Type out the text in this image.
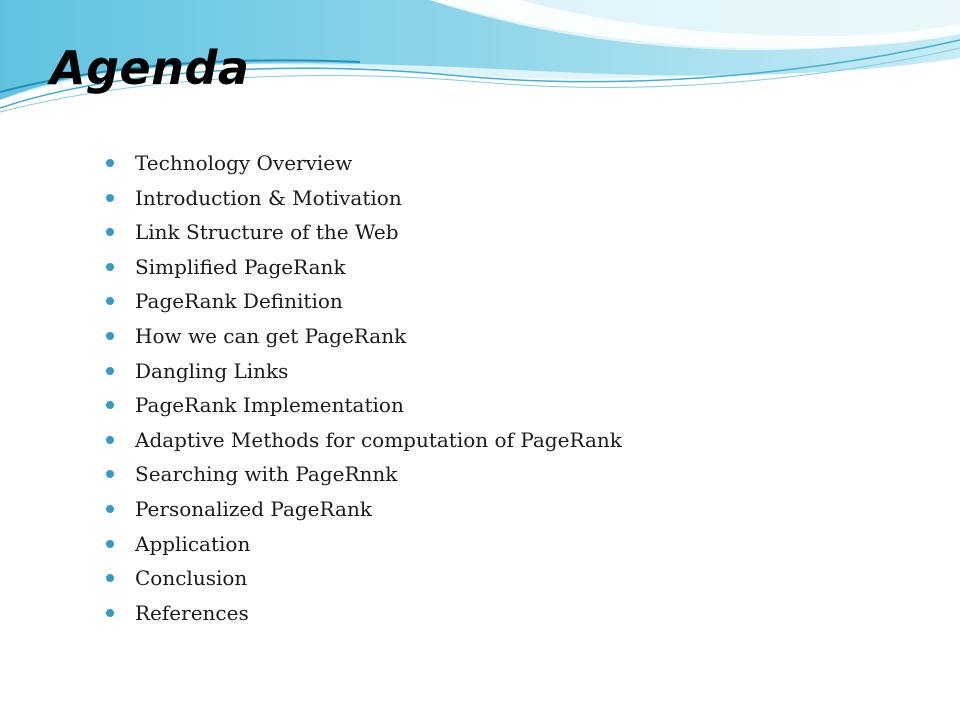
Agenda
Technology Overview
Introduction & Motivation
Link Structure of the Web
Simplified PageRank
PageRank Definition
How we can get PageRank
Dangling Links
PageRank Implementation
Adaptive Methods for computation of PageRank
Searching with PageRnnk
Personalized PageRank
Application
Conclusion
References
